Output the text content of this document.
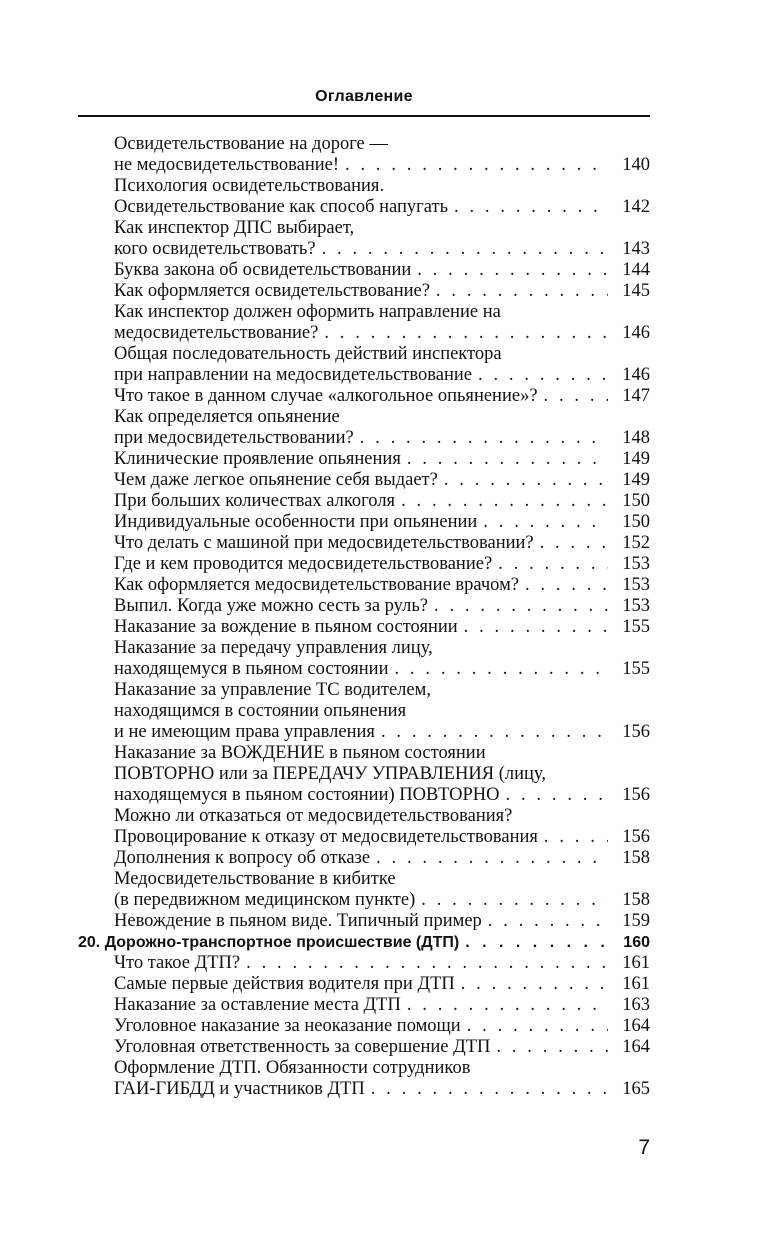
Оглавление
Освидетельствование на дороге —
не медосвидетельствование! . . .	140
Психология освидетельствования.
Освидетельствование как способ напугать . . .	142
Как инспектор ДПС выбирает,
кого освидетельствовать? . . .	143
Буква закона об освидетельствовании . . .	144
Как оформляется освидетельствование? . . .	145
Как инспектор должен оформить направление на
медосвидетельствование? . . .	146
Общая последовательность действий инспектора
при направлении на медосвидетельствование . . .	146
Что такое в данном случае «алкогольное опьянение»? . . .	147
Как определяется опьянение
при медосвидетельствовании? . . .	148
Клинические проявление опьянения . . .	149
Чем даже легкое опьянение себя выдает? . . .	149
При больших количествах алкоголя . . .	150
Индивидуальные особенности при опьянении . . .	150
Что делать с машиной при медосвидетельствовании? . . .	152
Где и кем проводится медосвидетельствование? . . .	153
Как оформляется медосвидетельствование врачом? . . .	153
Выпил. Когда уже можно сесть за руль? . . .	153
Наказание за вождение в пьяном состоянии . . .	155
Наказание за передачу управления лицу,
находящемуся в пьяном состоянии . . .	155
Наказание за управление ТС водителем,
находящимся в состоянии опьянения
и не имеющим права управления . . .	156
Наказание за ВОЖДЕНИЕ в пьяном состоянии
ПОВТОРНО или за ПЕРЕДАЧУ УПРАВЛЕНИЯ (лицу,
находящемуся в пьяном состоянии) ПОВТОРНО . . .	156
Можно ли отказаться от медосвидетельствования?
Провоцирование к отказу от медосвидетельствования . . .	156
Дополнения к вопросу об отказе . . .	158
Медосвидетельствование в кибитке
(в передвижном медицинском пункте) . . .	158
Невождение в пьяном виде. Типичный пример . . .	159
20. Дорожно-транспортное происшествие (ДТП) . . .	160
Что такое ДТП? . . .	161
Самые первые действия водителя при ДТП . . .	161
Наказание за оставление места ДТП . . .	163
Уголовное наказание за неоказание помощи . . .	164
Уголовная ответственность за совершение ДТП . . .	164
Оформление ДТП. Обязанности сотрудников
ГАИ-ГИБДД и участников ДТП . . .	165
7
